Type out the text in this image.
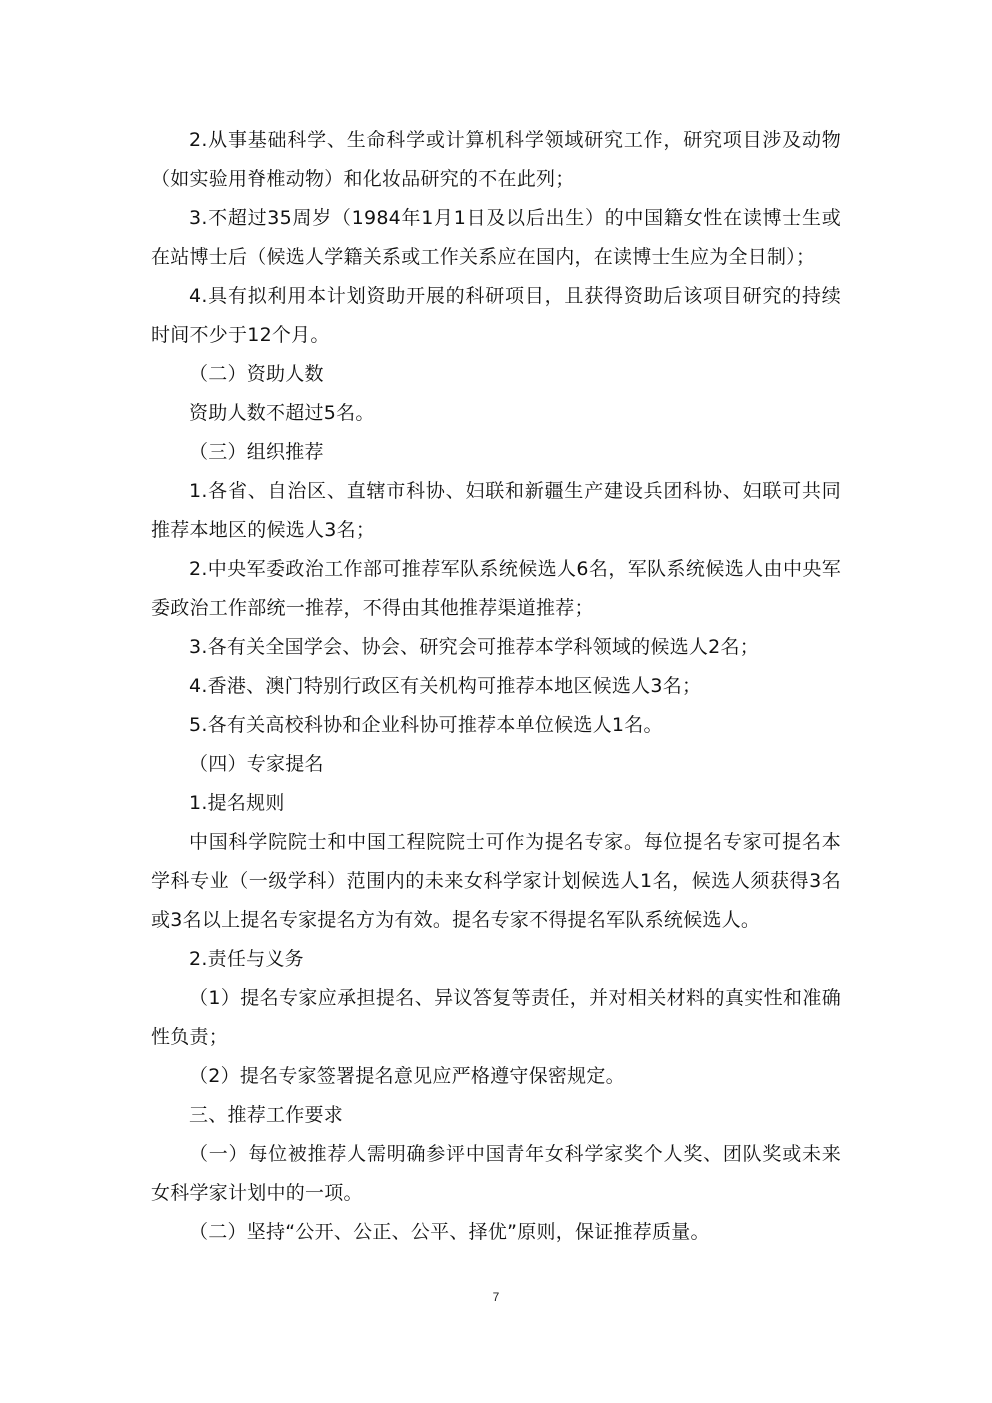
2.从事基础科学、生命科学或计算机科学领域研究工作，研究项目涉及动物（如实验用脊椎动物）和化妆品研究的不在此列；

3.不超过35周岁（1984年1月1日及以后出生）的中国籍女性在读博士生或在站博士后（候选人学籍关系或工作关系应在国内，在读博士生应为全日制）；

4.具有拟利用本计划资助开展的科研项目，且获得资助后该项目研究的持续时间不少于12个月。

（二）资助人数

资助人数不超过5名。

（三）组织推荐

1.各省、自治区、直辖市科协、妇联和新疆生产建设兵团科协、妇联可共同推荐本地区的候选人3名；

2.中央军委政治工作部可推荐军队系统候选人6名，军队系统候选人由中央军委政治工作部统一推荐，不得由其他推荐渠道推荐；

3.各有关全国学会、协会、研究会可推荐本学科领域的候选人2名；

4.香港、澳门特别行政区有关机构可推荐本地区候选人3名；

5.各有关高校科协和企业科协可推荐本单位候选人1名。

（四）专家提名

1.提名规则

中国科学院院士和中国工程院院士可作为提名专家。每位提名专家可提名本学科专业（一级学科）范围内的未来女科学家计划候选人1名，候选人须获得3名或3名以上提名专家提名方为有效。提名专家不得提名军队系统候选人。

2.责任与义务

（1）提名专家应承担提名、异议答复等责任，并对相关材料的真实性和准确性负责；

（2）提名专家签署提名意见应严格遵守保密规定。

三、推荐工作要求

（一）每位被推荐人需明确参评中国青年女科学家奖个人奖、团队奖或未来女科学家计划中的一项。

（二）坚持“公开、公正、公平、择优”原则，保证推荐质量。

7
